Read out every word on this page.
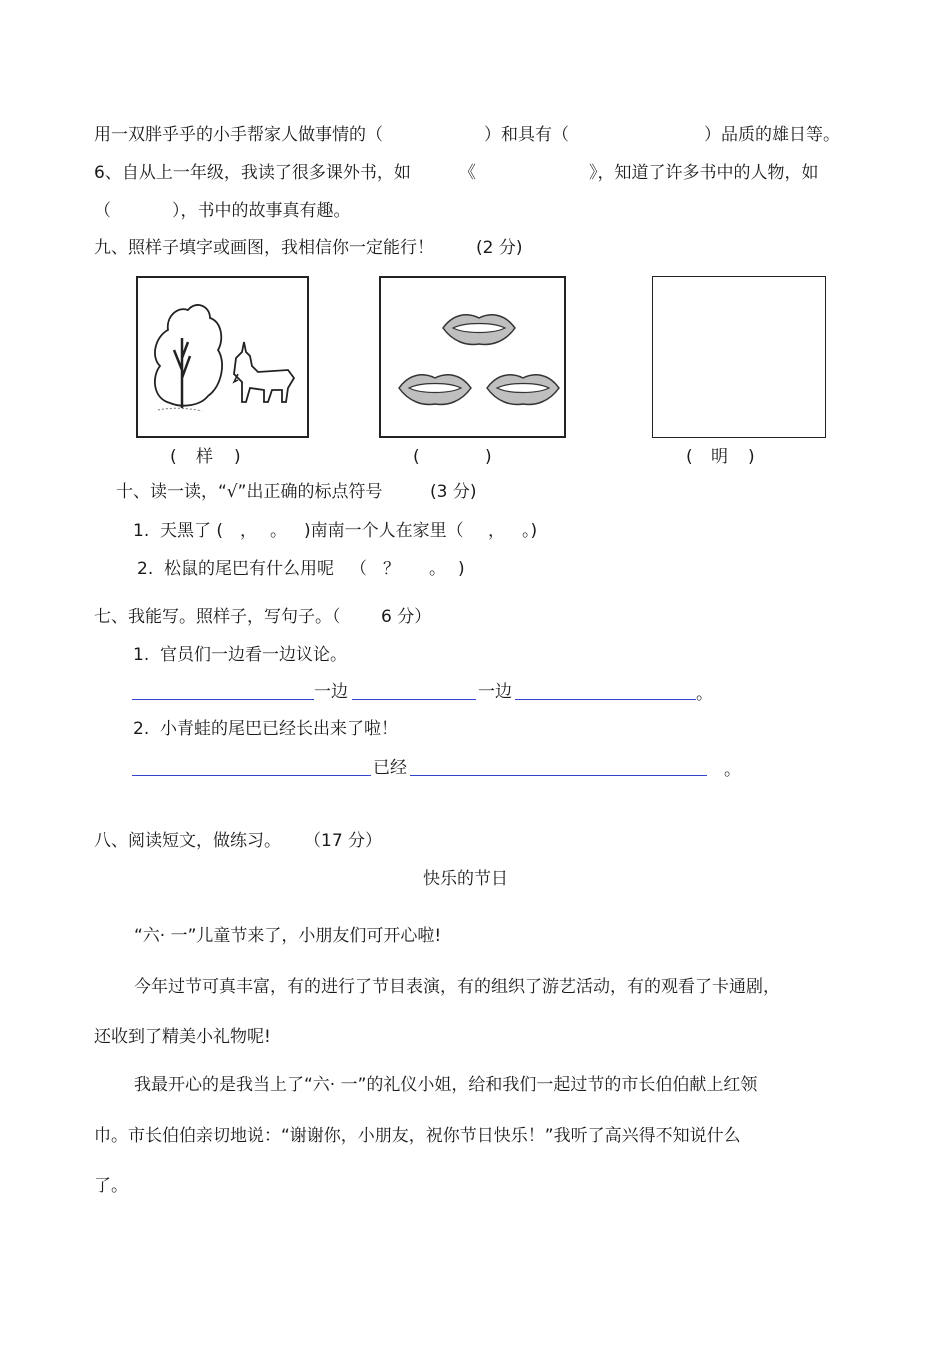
用一双胖乎乎的小手帮家人做事情的（	）和具有（	）品质的雄日等。
6、自从上一年级，我读了很多课外书，如	《	》，知道了许多书中的人物，如
（	），书中的故事真有趣。
九、照样子填字或画图，我相信你一定能行！ (2 分)
( 样 )	(	)	( 明 )
十、读一读，“√”出正确的标点符号	(3 分)
1.  天黑了 ( ， 。 )南南一个人在家里（ ， 。)
2.  松鼠的尾巴有什么用呢 （ ？ 。 )
七、我能写。照样子，写句子。（ 6 分）
1.  官员们一边看一边议论。
一边	一边	。
2.  小青蛙的尾巴已经长出来了啦！
已经	。
八、阅读短文，做练习。 （17 分）
快乐的节日
“六· 一”儿童节来了，小朋友们可开心啦!
今年过节可真丰富，有的进行了节目表演，有的组织了游艺活动，有的观看了卡通剧，
还收到了精美小礼物呢!
我最开心的是我当上了“六· 一”的礼仪小姐，给和我们一起过节的市长伯伯献上红领
巾。市长伯伯亲切地说：“谢谢你，小朋友，祝你节日快乐！”我听了高兴得不知说什么
了。
